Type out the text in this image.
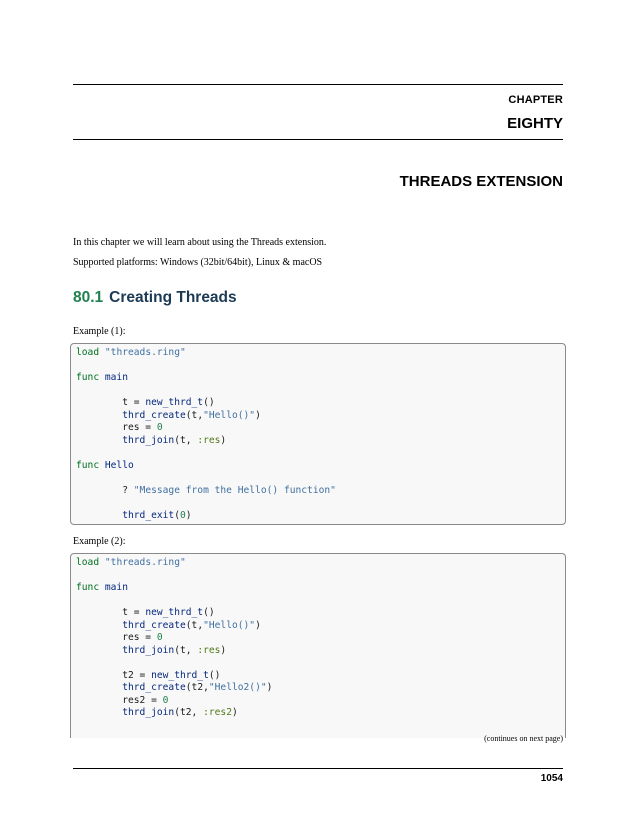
CHAPTER
EIGHTY
THREADS EXTENSION
In this chapter we will learn about using the Threads extension.
Supported platforms: Windows (32bit/64bit), Linux & macOS
80.1 Creating Threads
Example (1):
load "threads.ring"
func main
t = new_thrd_t()
thrd_create(t,"Hello()")
res = 0
thrd_join(t, :res)
func Hello
? "Message from the Hello() function"
thrd_exit(0)
Example (2):
load "threads.ring"
func main
t = new_thrd_t()
thrd_create(t,"Hello()")
res = 0
thrd_join(t, :res)
t2 = new_thrd_t()
thrd_create(t2,"Hello2()")
res2 = 0
thrd_join(t2, :res2)
(continues on next page)
1054
